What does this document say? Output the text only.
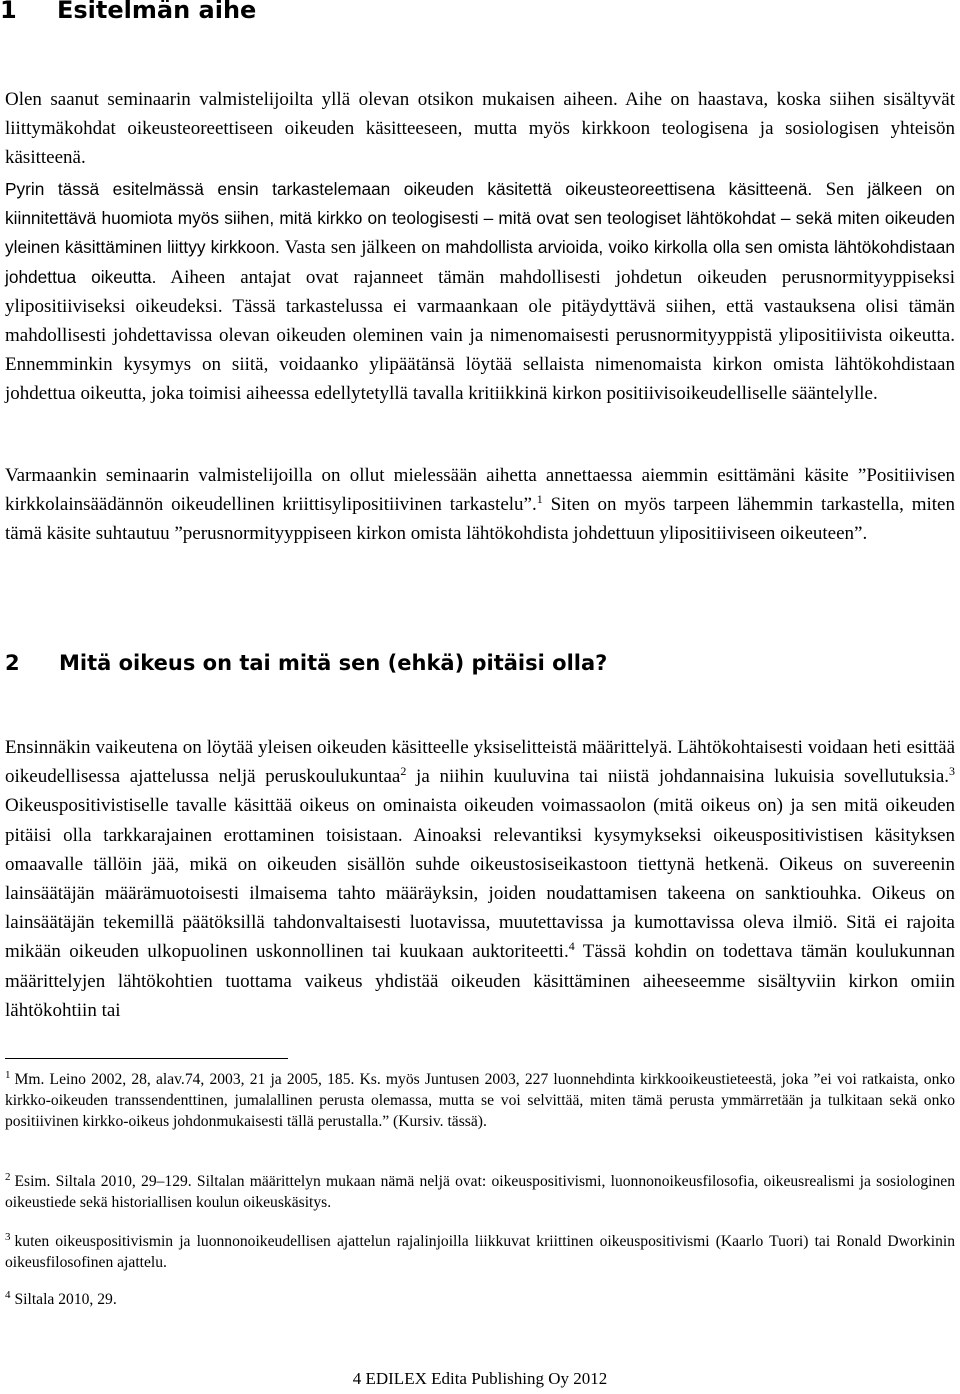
1 Esitelmän aihe

Olen saanut seminaarin valmistelijoilta yllä olevan otsikon mukaisen aiheen. Aihe on haastava, koska siihen sisältyvät liittymäkohdat oikeusteoreettiseen oikeuden käsitteeseen, mutta myös kirkkoon teologisena ja sosiologisen yhteisön käsitteenä.

Pyrin tässä esitelmässä ensin tarkastelemaan oikeuden käsitettä oikeusteoreettisena käsitteenä. Sen jälkeen on kiinnitettävä huomiota myös siihen, mitä kirkko on teologisesti – mitä ovat sen teologiset lähtökohdat – sekä miten oikeuden yleinen käsittäminen liittyy kirkkoon. Vasta sen jälkeen on mahdollista arvioida, voiko kirkolla olla sen omista lähtökohdistaan johdettua oikeutta. Aiheen antajat ovat rajanneet tämän mahdollisesti johdetun oikeuden perusnormityyppiseksi ylipositiiviseksi oikeudeksi. Tässä tarkastelussa ei varmaankaan ole pitäydyttävä siihen, että vastauksena olisi tämän mahdollisesti johdettavissa olevan oikeuden oleminen vain ja nimenomaisesti perusnormityyppistä ylipositiivista oikeutta. Ennemminkin kysymys on siitä, voidaanko ylipäätänsä löytää sellaista nimenomaista kirkon omista lähtökohdistaan johdettua oikeutta, joka toimisi aiheessa edellytetyllä tavalla kritiikkinä kirkon positiivisoikeudelliselle sääntelylle.

Varmaankin seminaarin valmistelijoilla on ollut mielessään aihetta annettaessa aiemmin esittämäni käsite ”Positiivisen kirkkolainsäädännön oikeudellinen kriittisylipositiivinen tarkastelu”.$^1$ Siten on myös tarpeen lähemmin tarkastella, miten tämä käsite suhtautuu ”perusnormityyppiseen kirkon omista lähtökohdista johdettuun ylipositiiviseen oikeuteen”.

2 Mitä oikeus on tai mitä sen (ehkä) pitäisi olla?

Ensinnäkin vaikeutena on löytää yleisen oikeuden käsitteelle yksiselitteistä määrittelyä. Lähtökohtaisesti voidaan heti esittää oikeudellisessa ajattelussa neljä peruskoulukuntaa$^2$ ja niihin kuuluvina tai niistä johdannaisina lukuisia sovellutuksia.$^3$ Oikeuspositivistiselle tavalle käsittää oikeus on ominaista oikeuden voimassaolon (mitä oikeus on) ja sen mitä oikeuden pitäisi olla tarkkarajainen erottaminen toisistaan. Ainoaksi relevantiksi kysymykseksi oikeuspositivistisen käsityksen omaavalle tällöin jää, mikä on oikeuden sisällön suhde oikeustosiseikastoon tiettynä hetkenä. Oikeus on suvereenin lainsäätäjän määrämuotoisesti ilmaisema tahto määräyksin, joiden noudattamisen takeena on sanktiouhka. Oikeus on lainsäätäjän tekemillä päätöksillä tahdonvaltaisesti luotavissa, muutettavissa ja kumottavissa oleva ilmiö. Sitä ei rajoita mikään oikeuden ulkopuolinen uskonnollinen tai kuukaan auktoriteetti.$^4$ Tässä kohdin on todettava tämän koulukunnan määrittelyjen lähtökohtien tuottama vaikeus yhdistää oikeuden käsittäminen aiheeseemme sisältyviin kirkon omiin lähtökohtiin tai

$^1$ Mm. Leino 2002, 28, alav.74, 2003, 21 ja 2005, 185. Ks. myös Juntusen 2003, 227 luonnehdinta kirkkooikeustieteestä, joka ”ei voi ratkaista, onko kirkko-oikeuden transsendenttinen, jumalallinen perusta olemassa, mutta se voi selvittää, miten tämä perusta ymmärretään ja tulkitaan sekä onko positiivinen kirkko-oikeus johdonmukaisesti tällä perustalla.” (Kursiv. tässä).

$^2$ Esim. Siltala 2010, 29–129. Siltalan määrittelyn mukaan nämä neljä ovat: oikeuspositivismi, luonnonoikeusfilosofia, oikeusrealismi ja sosiologinen oikeustiede sekä historiallisen koulun oikeuskäsitys.

$^3$ kuten oikeuspositivismin ja luonnonoikeudellisen ajattelun rajalinjoilla liikkuvat kriittinen oikeuspositivismi (Kaarlo Tuori) tai Ronald Dworkinin oikeusfilosofinen ajattelu.

$^4$ Siltala 2010, 29.

4 EDILEX Edita Publishing Oy 2012
